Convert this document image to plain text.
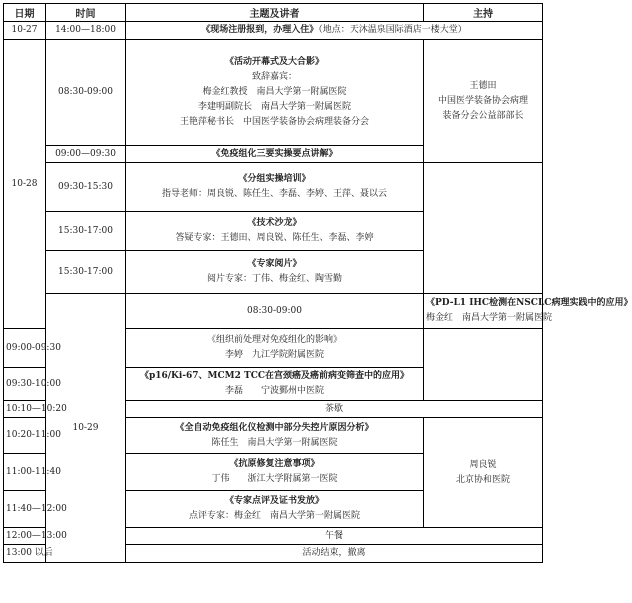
日期	时间	主题及讲者	主持	
10-27	14:00—18:00	《现场注册报到，办理入住》（地点：天沐温泉国际酒店一楼大堂）		
10-28	08:30-09:00	《活动开幕式及大合影》
致辞嘉宾：
梅金红教授　南昌大学第一附属医院
李建明副院长　南昌大学第一附属医院
王艳萍秘书长　中国医学装备协会病理装备分会	王德田
中国医学装备协会病理
装备分会公益部部长	

	09:00—09:30	《免疫组化三要实操要点讲解》		
	09:30-15:30	《分组实操培训》
指导老师：周良锐、陈任生、李磊、李婷、王萍、聂以云		

	15:30-17:00	《技术沙龙》
答疑专家：王德田、周良锐、陈任生、李磊、李婷		

	15:30-17:00	《专家阅片》
阅片专家：丁伟、梅金红、陶雪勤		

	10-29	08:30-09:00	《PD-L1 IHC检测在NSCLC病理实践中的应用》
梅金红　南昌大学第一附属医院

09:00-09:30		《组织前处理对免疫组化的影响》
李婷　九江学院附属医院		

09:30-10:00		《p16/Ki-67、MCM2 TCC在宫颈癌及癌前病变筛查中的应用》
李磊　　宁波鄞州中医院		

10:10—10:20		茶歇		
10:20-11:00		《全自动免疫组化仪检测中部分失控片原因分析》
陈任生　南昌大学第一附属医院	周良锐
北京协和医院	

11:00-11:40		《抗原修复注意事项》
丁伟　　浙江大学附属第一医院		

11:40—12:00		《专家点评及证书发放》
点评专家：梅金红　南昌大学第一附属医院		

12:00—13:00		午餐		
13:00 以后		活动结束，撤离		
